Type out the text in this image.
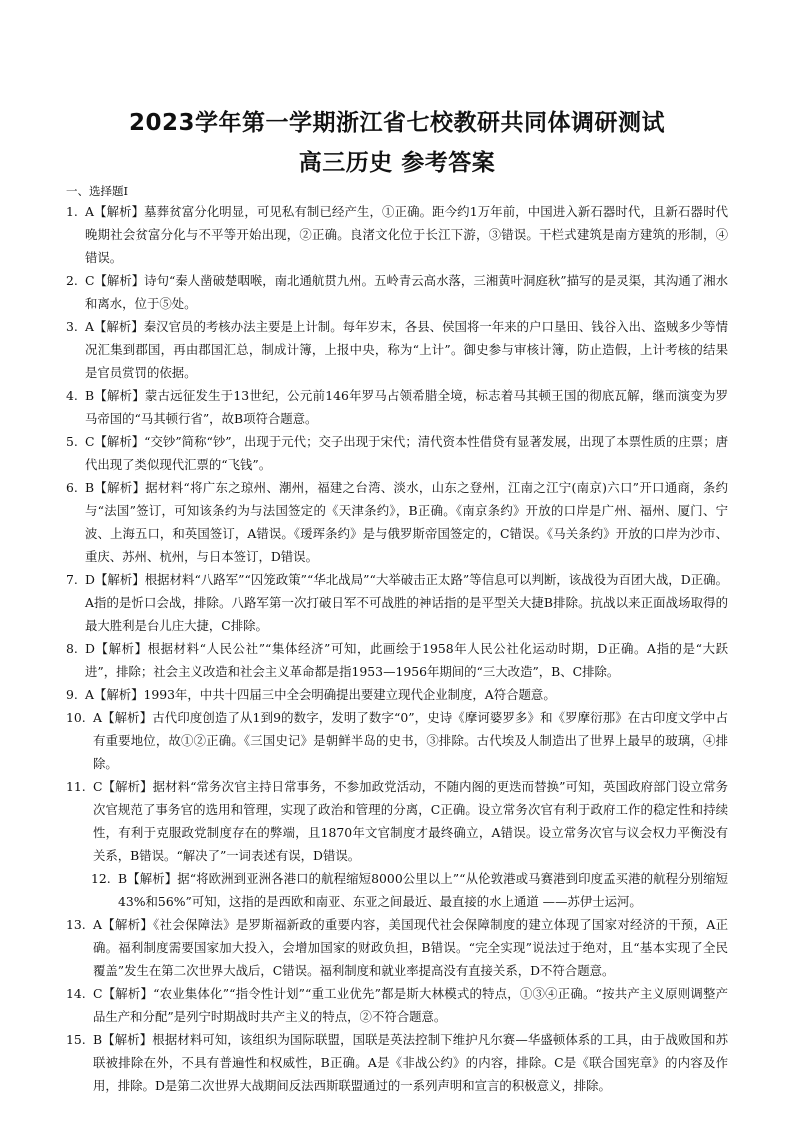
2023学年第一学期浙江省七校教研共同体调研测试
高三历史 参考答案
一、选择题Ⅰ
1. A【解析】墓葬贫富分化明显，可见私有制已经产生，①正确。距今约1万年前，中国进入新石器时代，且新石器时代晚期社会贫富分化与不平等开始出现，②正确。良渚文化位于长江下游，③错误。干栏式建筑是南方建筑的形制，④错误。
2. C【解析】诗句“秦人凿破楚咽喉，南北通航贯九州。五岭青云高水落，三湘黄叶洞庭秋”描写的是灵渠，其沟通了湘水和离水，位于⑤处。
3. A【解析】秦汉官员的考核办法主要是上计制。每年岁末，各县、侯国将一年来的户口垦田、钱谷入出、盗贼多少等情况汇集到郡国，再由郡国汇总，制成计簿，上报中央，称为“上计”。御史参与审核计簿，防止造假，上计考核的结果是官员赏罚的依据。
4. B【解析】蒙古远征发生于13世纪，公元前146年罗马占领希腊全境，标志着马其顿王国的彻底瓦解，继而演变为罗马帝国的“马其顿行省”，故B项符合题意。
5. C【解析】“交钞”简称“钞”，出现于元代；交子出现于宋代；清代资本性借贷有显著发展，出现了本票性质的庄票；唐代出现了类似现代汇票的“飞钱”。
6. B【解析】据材料“将广东之琼州、潮州，福建之台湾、淡水，山东之登州，江南之江宁(南京)六口”开口通商，条约与“法国”签订，可知该条约为与法国签定的《天津条约》，B正确。《南京条约》开放的口岸是广州、福州、厦门、宁波、上海五口，和英国签订，A错误。《瑷珲条约》是与俄罗斯帝国签定的，C错误。《马关条约》开放的口岸为沙市、重庆、苏州、杭州，与日本签订，D错误。
7. D【解析】根据材料“八路军”“囚笼政策”“华北战局”“大举破击正太路”等信息可以判断，该战役为百团大战，D正确。A指的是忻口会战，排除。八路军第一次打破日军不可战胜的神话指的是平型关大捷B排除。抗战以来正面战场取得的最大胜利是台儿庄大捷，C排除。
8. D【解析】根据材料“人民公社”“集体经济”可知，此画绘于1958年人民公社化运动时期，D正确。A指的是“大跃进”，排除；社会主义改造和社会主义革命都是指1953—1956年期间的“三大改造”，B、C排除。
9. A【解析】1993年，中共十四届三中全会明确提出要建立现代企业制度，A符合题意。
10. A【解析】古代印度创造了从1到9的数字，发明了数字“0”，史诗《摩诃婆罗多》和《罗摩衍那》在古印度文学中占有重要地位，故①②正确。《三国史记》是朝鲜半岛的史书，③排除。古代埃及人制造出了世界上最早的玻璃，④排除。
11. C【解析】据材料“常务次官主持日常事务，不参加政党活动，不随内阁的更迭而替换”可知，英国政府部门设立常务次官规范了事务官的选用和管理，实现了政治和管理的分离，C正确。设立常务次官有利于政府工作的稳定性和持续性，有利于克服政党制度存在的弊端，且1870年文官制度才最终确立，A错误。设立常务次官与议会权力平衡没有关系，B错误。“解决了”一词表述有误，D错误。
12. B【解析】据“将欧洲到亚洲各港口的航程缩短8000公里以上”“从伦敦港或马赛港到印度孟买港的航程分别缩短43%和56%”可知，这指的是西欧和南亚、东亚之间最近、最直接的水上通道 ——苏伊士运河。
13. A【解析】《社会保障法》是罗斯福新政的重要内容，美国现代社会保障制度的建立体现了国家对经济的干预，A正确。福利制度需要国家加大投入，会增加国家的财政负担，B错误。“完全实现”说法过于绝对，且“基本实现了全民覆盖”发生在第二次世界大战后，C错误。福利制度和就业率提高没有直接关系，D不符合题意。
14. C【解析】“农业集体化”“指令性计划”“重工业优先”都是斯大林模式的特点，①③④正确。“按共产主义原则调整产品生产和分配”是列宁时期战时共产主义的特点，②不符合题意。
15. B【解析】根据材料可知，该组织为国际联盟，国联是英法控制下维护凡尔赛—华盛顿体系的工具，由于战败国和苏联被排除在外，不具有普遍性和权威性，B正确。A是《非战公约》的内容，排除。C是《联合国宪章》的内容及作用，排除。D是第二次世界大战期间反法西斯联盟通过的一系列声明和宣言的积极意义，排除。
